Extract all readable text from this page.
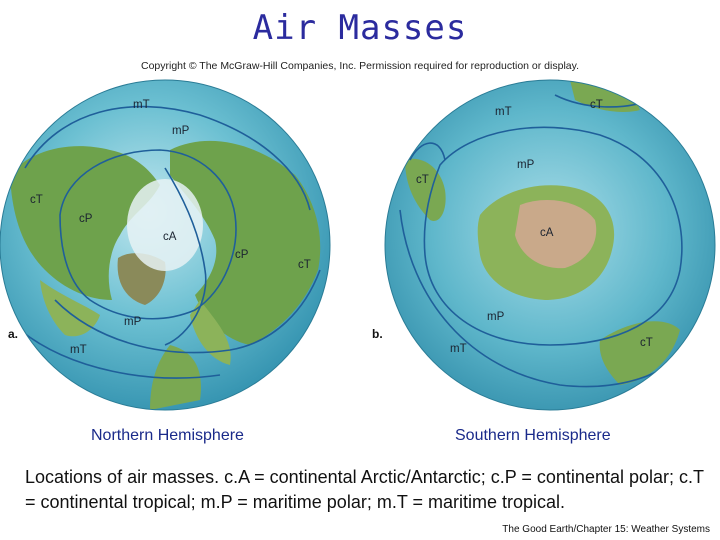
Air Masses
Copyright © The McGraw-Hill Companies, Inc. Permission required for reproduction or display.
mT
mP
cT
cP
cA
cP
cT
mP
mT
mT
cT
cT
mP
cA
mP
mT	cT
a.	b.
Northern Hemisphere	Southern Hemisphere
Locations of air masses. c.A = continental Arctic/Antarctic; c.P = continental polar; c.T = continental tropical; m.P = maritime polar; m.T = maritime tropical.
The Good Earth/Chapter 15: Weather Systems
